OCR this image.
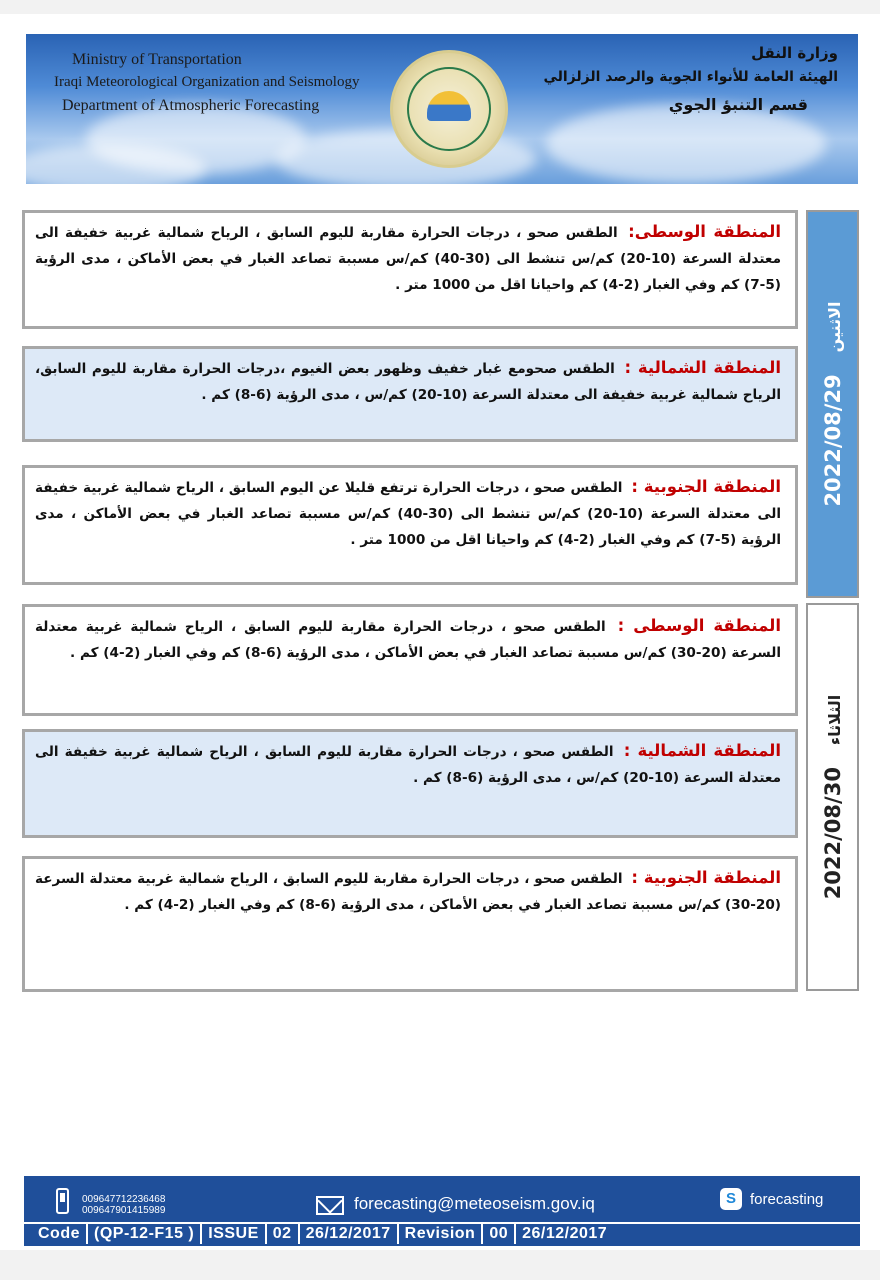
Ministry of Transportation
Iraqi Meteorological Organization and Seismology
Department of Atmospheric Forecasting
وزارة النقل
الهيئة العامة للأنواء الجوية والرصد الزلزالي
قسم التنبؤ الجوي
2022/08/29الاثنين
2022/08/30الثلاثاء
المنطقة الوسطى: الطقس صحو ، درجات الحرارة مقاربة لليوم السابق ، الرياح شمالية غربية خفيفة الى معتدلة السرعة (10-20) كم/س تنشط الى (30-40) كم/س مسببة تصاعد الغبار في بعض الأماكن ، مدى الرؤية (5-7) كم وفي الغبار (2-4) كم واحيانا اقل من 1000 متر .
المنطقة الشمالية : الطقس صحومع غبار خفيف وظهور بعض الغيوم ،درجات الحرارة مقاربة لليوم السابق، الرياح شمالية غربية خفيفة الى معتدلة السرعة (10-20) كم/س ، مدى الرؤية (6-8) كم .
المنطقة الجنوبية : الطقس صحو ، درجات الحرارة ترتفع قليلا عن اليوم السابق ، الرياح شمالية غربية خفيفة الى معتدلة السرعة (10-20) كم/س تنشط الى (30-40) كم/س مسببة تصاعد الغبار في بعض الأماكن ، مدى الرؤية (5-7) كم وفي الغبار (2-4) كم واحيانا اقل من 1000 متر .
المنطقة الوسطى : الطقس صحو ، درجات الحرارة مقاربة لليوم السابق ، الرياح شمالية غربية معتدلة السرعة (20-30) كم/س مسببة تصاعد الغبار في بعض الأماكن ، مدى الرؤية (6-8) كم وفي الغبار (2-4) كم .
المنطقة الشمالية : الطقس صحو ، درجات الحرارة مقاربة لليوم السابق ، الرياح شمالية غربية خفيفة الى معتدلة السرعة (10-20) كم/س ، مدى الرؤية (6-8) كم .
المنطقة الجنوبية : الطقس صحو ، درجات الحرارة مقاربة لليوم السابق ، الرياح شمالية غربية معتدلة السرعة (20-30) كم/س مسببة تصاعد الغبار في بعض الأماكن ، مدى الرؤية (6-8) كم وفي الغبار (2-4) كم .
009647712236468
009647901415989	forecasting@meteoseism.gov.iq	S forecasting
Code (QP-12-F15 ) ISSUE 02 26/12/2017 Revision 00 26/12/2017
